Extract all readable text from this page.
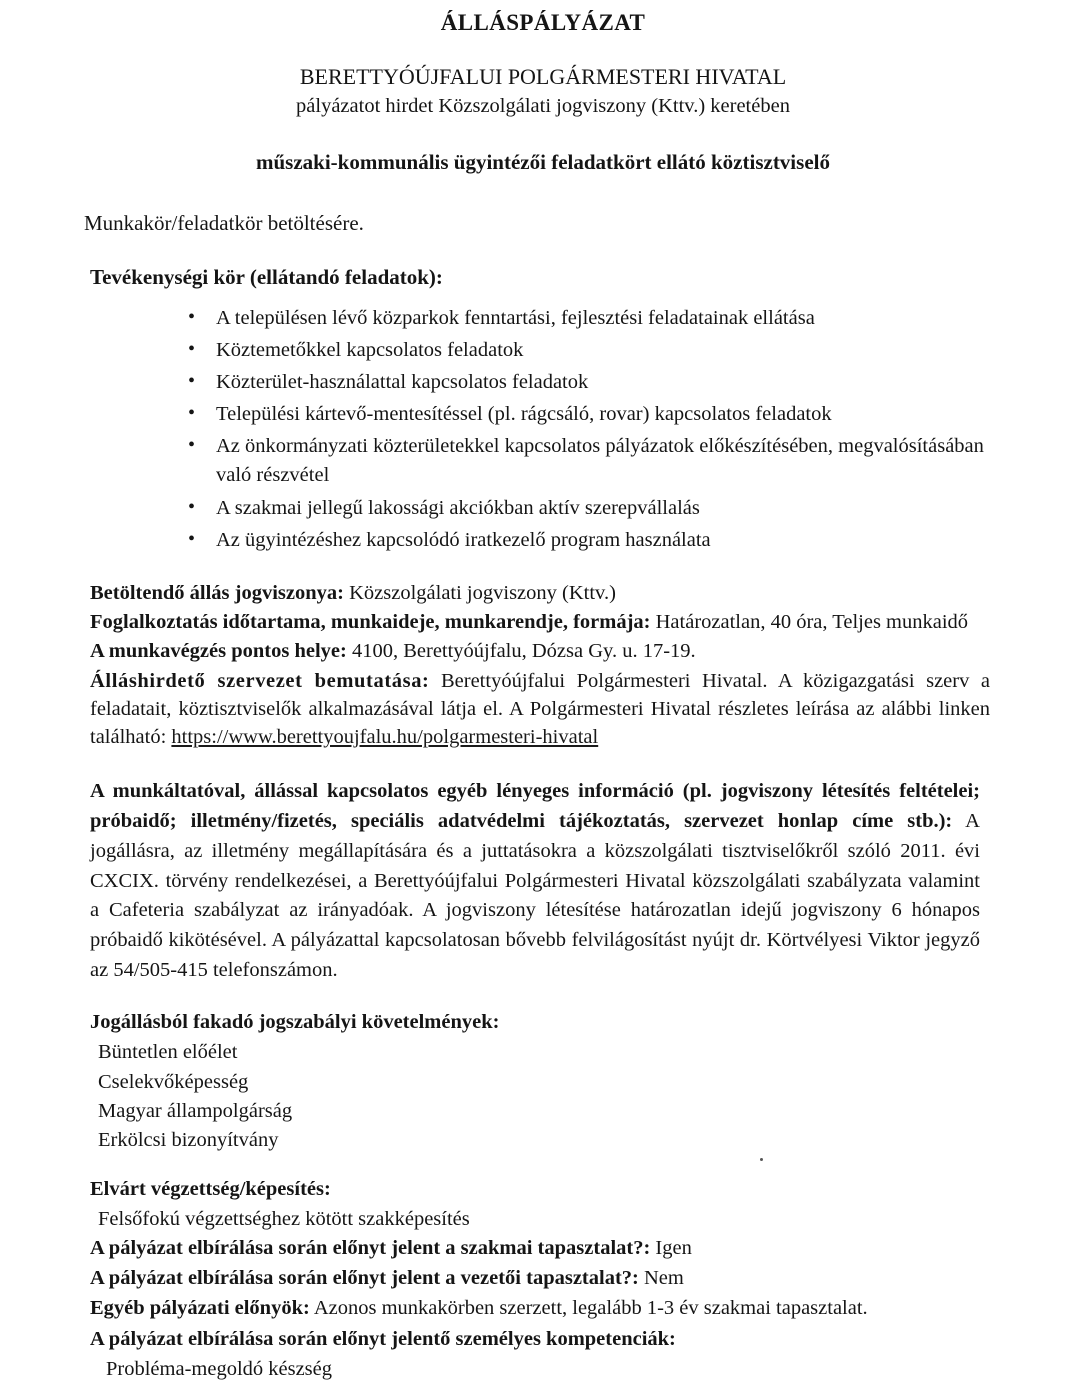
ÁLLÁSPÁLYÁZAT
BERETTYÓÚJFALUI POLGÁRMESTERI HIVATAL
pályázatot hirdet Közszolgálati jogviszony (Kttv.) keretében
műszaki-kommunális ügyintézői feladatkört ellátó köztisztviselő
Munkakör/feladatkör betöltésére.
Tevékenységi kör (ellátandó feladatok):
• A településen lévő közparkok fenntartási, fejlesztési feladatainak ellátása
• Köztemetőkkel kapcsolatos feladatok
• Közterület-használattal kapcsolatos feladatok
• Települési kártevő-mentesítéssel (pl. rágcsáló, rovar) kapcsolatos feladatok
• Az önkormányzati közterületekkel kapcsolatos pályázatok előkészítésében, megvalósításában való részvétel
• A szakmai jellegű lakossági akciókban aktív szerepvállalás
• Az ügyintézéshez kapcsolódó iratkezelő program használata
Betöltendő állás jogviszonya: Közszolgálati jogviszony (Kttv.)
Foglalkoztatás időtartama, munkaideje, munkarendje, formája: Határozatlan, 40 óra, Teljes munkaidő
A munkavégzés pontos helye: 4100, Berettyóújfalu, Dózsa Gy. u. 17-19.
Álláshirdető szervezet bemutatása: Berettyóújfalui Polgármesteri Hivatal. A közigazgatási szerv a feladatait, köztisztviselők alkalmazásával látja el. A Polgármesteri Hivatal részletes leírása az alábbi linken található: https://www.berettyoujfalu.hu/polgarmesteri-hivatal
A munkáltatóval, állással kapcsolatos egyéb lényeges információ (pl. jogviszony létesítés feltételei; próbaidő; illetmény/fizetés, speciális adatvédelmi tájékoztatás, szervezet honlap címe stb.): A jogállásra, az illetmény megállapítására és a juttatásokra a közszolgálati tisztviselőkről szóló 2011. évi CXCIX. törvény rendelkezései, a Berettyóújfalui Polgármesteri Hivatal közszolgálati szabályzata valamint a Cafeteria szabályzat az irányadóak. A jogviszony létesítése határozatlan idejű jogviszony 6 hónapos próbaidő kikötésével. A pályázattal kapcsolatosan bővebb felvilágosítást nyújt dr. Körtvélyesi Viktor jegyző az 54/505-415 telefonszámon.
Jogállásból fakadó jogszabályi követelmények:
Büntetlen előélet
Cselekvőképesség
Magyar állampolgárság
Erkölcsi bizonyítvány
Elvárt végzettség/képesítés:
Felsőfokú végzettséghez kötött szakképesítés
A pályázat elbírálása során előnyt jelent a szakmai tapasztalat?: Igen
A pályázat elbírálása során előnyt jelent a vezetői tapasztalat?: Nem
Egyéb pályázati előnyök: Azonos munkakörben szerzett, legalább 1-3 év szakmai tapasztalat.
A pályázat elbírálása során előnyt jelentő személyes kompetenciák:
Probléma-megoldó készség
